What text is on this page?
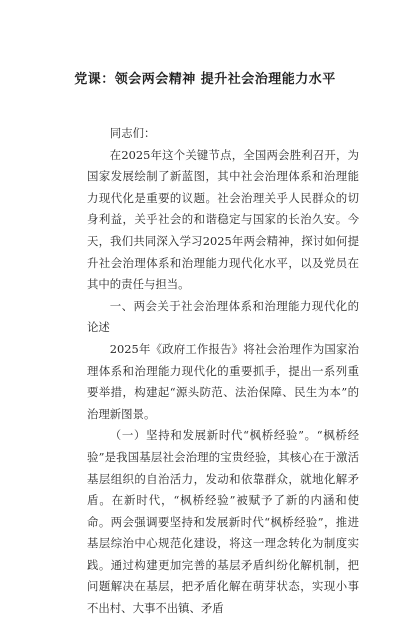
党课：领会两会精神 提升社会治理能力水平

同志们：

在2025年这个关键节点，全国两会胜利召开，为国家发展绘制了新蓝图，其中社会治理体系和治理能力现代化是重要的议题。社会治理关乎人民群众的切身利益，关乎社会的和谐稳定与国家的长治久安。今天，我们共同深入学习2025年两会精神，探讨如何提升社会治理体系和治理能力现代化水平，以及党员在其中的责任与担当。

一、两会关于社会治理体系和治理能力现代化的论述

2025年《政府工作报告》将社会治理作为国家治理体系和治理能力现代化的重要抓手，提出一系列重要举措，构建起“源头防范、法治保障、民生为本”的治理新图景。

（一）坚持和发展新时代“枫桥经验”。“枫桥经验”是我国基层社会治理的宝贵经验，其核心在于激活基层组织的自治活力，发动和依靠群众，就地化解矛盾。在新时代，“枫桥经验”被赋予了新的内涵和使命。两会强调要坚持和发展新时代“枫桥经验”，推进基层综治中心规范化建设，将这一理念转化为制度实践。通过构建更加完善的基层矛盾纠纷化解机制，把问题解决在基层，把矛盾化解在萌芽状态，实现小事不出村、大事不出镇、矛盾
